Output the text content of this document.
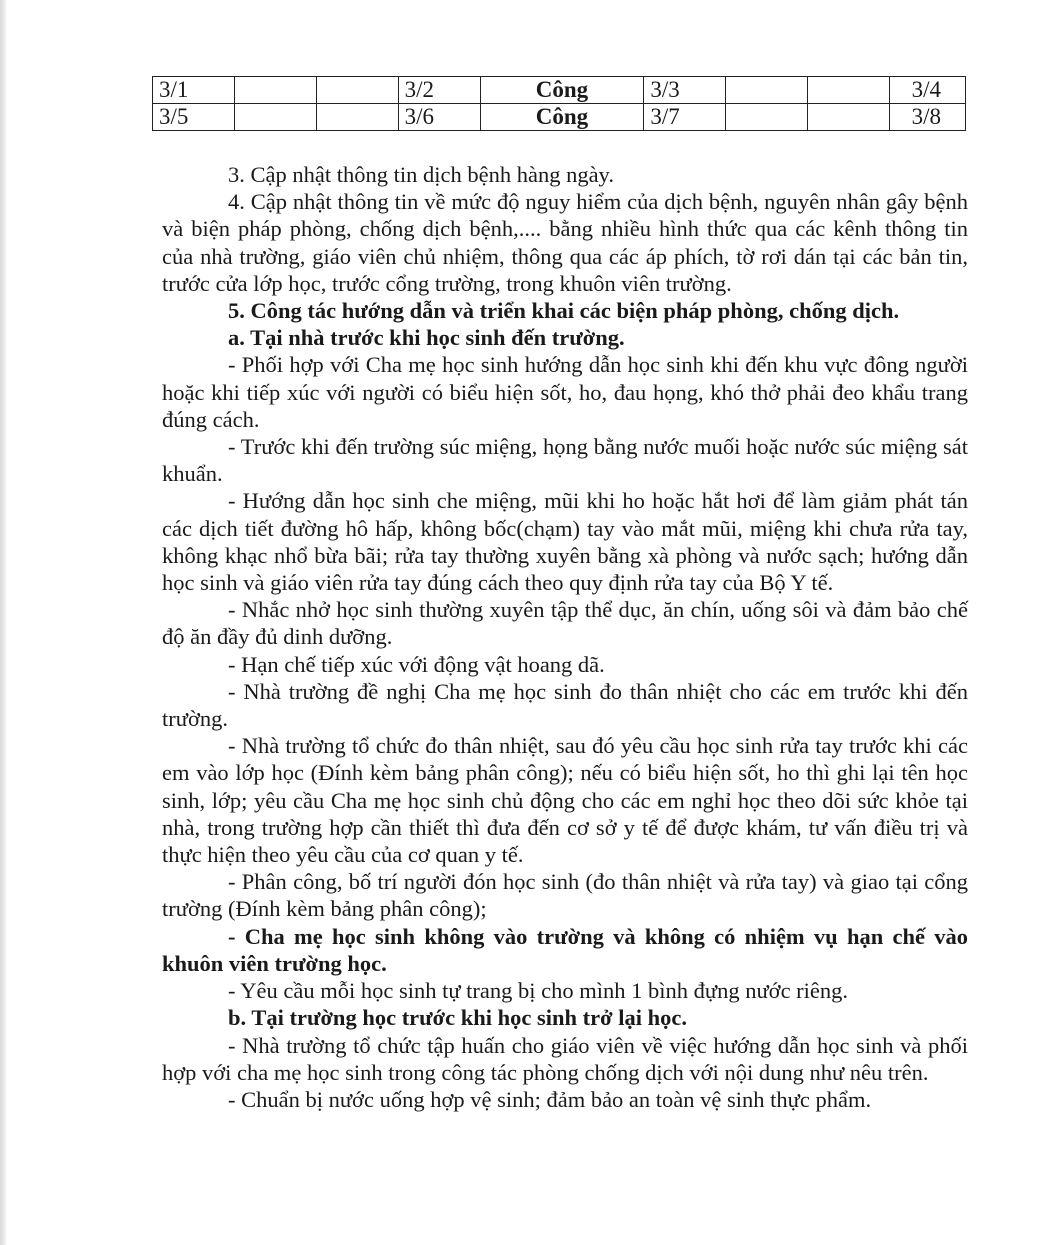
3/1			3/2	Công	3/3			3/4
3/5			3/6	Công	3/7			3/8

3. Cập nhật thông tin dịch bệnh hàng ngày.

4. Cập nhật thông tin về mức độ nguy hiểm của dịch bệnh, nguyên nhân gây bệnh và biện pháp phòng, chống dịch bệnh,.... bằng nhiều hình thức qua các kênh thông tin của nhà trường, giáo viên chủ nhiệm, thông qua các áp phích, tờ rơi dán tại các bản tin, trước cửa lớp học, trước cổng trường, trong khuôn viên trường.

5. Công tác hướng dẫn và triển khai các biện pháp phòng, chống dịch.

a. Tại nhà trước khi học sinh đến trường.

- Phối hợp với Cha mẹ học sinh hướng dẫn học sinh khi đến khu vực đông người hoặc khi tiếp xúc với người có biểu hiện sốt, ho, đau họng, khó thở phải đeo khẩu trang đúng cách.

- Trước khi đến trường súc miệng, họng bằng nước muối hoặc nước súc miệng sát khuẩn.

- Hướng dẫn học sinh che miệng, mũi khi ho hoặc hắt hơi để làm giảm phát tán các dịch tiết đường hô hấp, không bốc(chạm) tay vào mắt mũi, miệng khi chưa rửa tay, không khạc nhổ bừa bãi; rửa tay thường xuyên bằng xà phòng và nước sạch; hướng dẫn học sinh và giáo viên rửa tay đúng cách theo quy định rửa tay của Bộ Y tế.

- Nhắc nhở học sinh thường xuyên tập thể dục, ăn chín, uống sôi và đảm bảo chế độ ăn đầy đủ dinh dưỡng.

- Hạn chế tiếp xúc với động vật hoang dã.

- Nhà trường đề nghị Cha mẹ học sinh đo thân nhiệt cho các em trước khi đến trường.

- Nhà trường tổ chức đo thân nhiệt, sau đó yêu cầu học sinh rửa tay trước khi các em vào lớp học (Đính kèm bảng phân công); nếu có biểu hiện sốt, ho thì ghi lại tên học sinh, lớp; yêu cầu Cha mẹ học sinh chủ động cho các em nghỉ học theo dõi sức khỏe tại nhà, trong trường hợp cần thiết thì đưa đến cơ sở y tế để được khám, tư vấn điều trị và thực hiện theo yêu cầu của cơ quan y tế.

- Phân công, bố trí người đón học sinh (đo thân nhiệt và rửa tay) và giao tại cổng trường (Đính kèm bảng phân công);

- Cha mẹ học sinh không vào trường và không có nhiệm vụ hạn chế vào khuôn viên trường học.

- Yêu cầu mỗi học sinh tự trang bị cho mình 1 bình đựng nước riêng.

b. Tại trường học trước khi học sinh trở lại học.

- Nhà trường tổ chức tập huấn cho giáo viên về việc hướng dẫn học sinh và phối hợp với cha mẹ học sinh trong công tác phòng chống dịch với nội dung như nêu trên.

- Chuẩn bị nước uống hợp vệ sinh; đảm bảo an toàn vệ sinh thực phẩm.
